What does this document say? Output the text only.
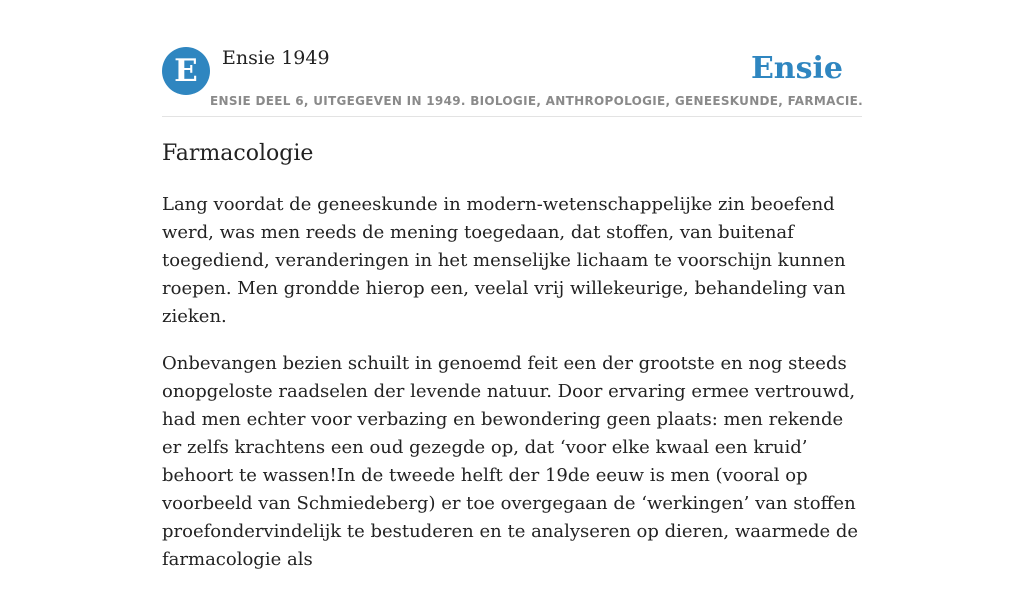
E	Ensie 1949	Ensie
ENSIE DEEL 6, UITGEGEVEN IN 1949. BIOLOGIE, ANTHROPOLOGIE, GENEESKUNDE, FARMACIE.
Farmacologie

Lang voordat de geneeskunde in modern-wetenschappelijke zin beoefend werd, was men reeds de mening toegedaan, dat stoffen, van buitenaf toegediend, veranderingen in het menselijke lichaam te voorschijn kunnen roepen. Men grondde hierop een, veelal vrij willekeurige, behandeling van zieken.

Onbevangen bezien schuilt in genoemd feit een der grootste en nog steeds onopgeloste raadselen der levende natuur. Door ervaring ermee vertrouwd, had men echter voor verbazing en bewondering geen plaats: men rekende er zelfs krachtens een oud gezegde op, dat ‘voor elke kwaal een kruid’ behoort te wassen!In de tweede helft der 19de eeuw is men (vooral op voorbeeld van Schmiedeberg) er toe overgegaan de ‘werkingen’ van stoffen proefondervindelijk te bestuderen en te analyseren op dieren, waarmede de farmacologie als
